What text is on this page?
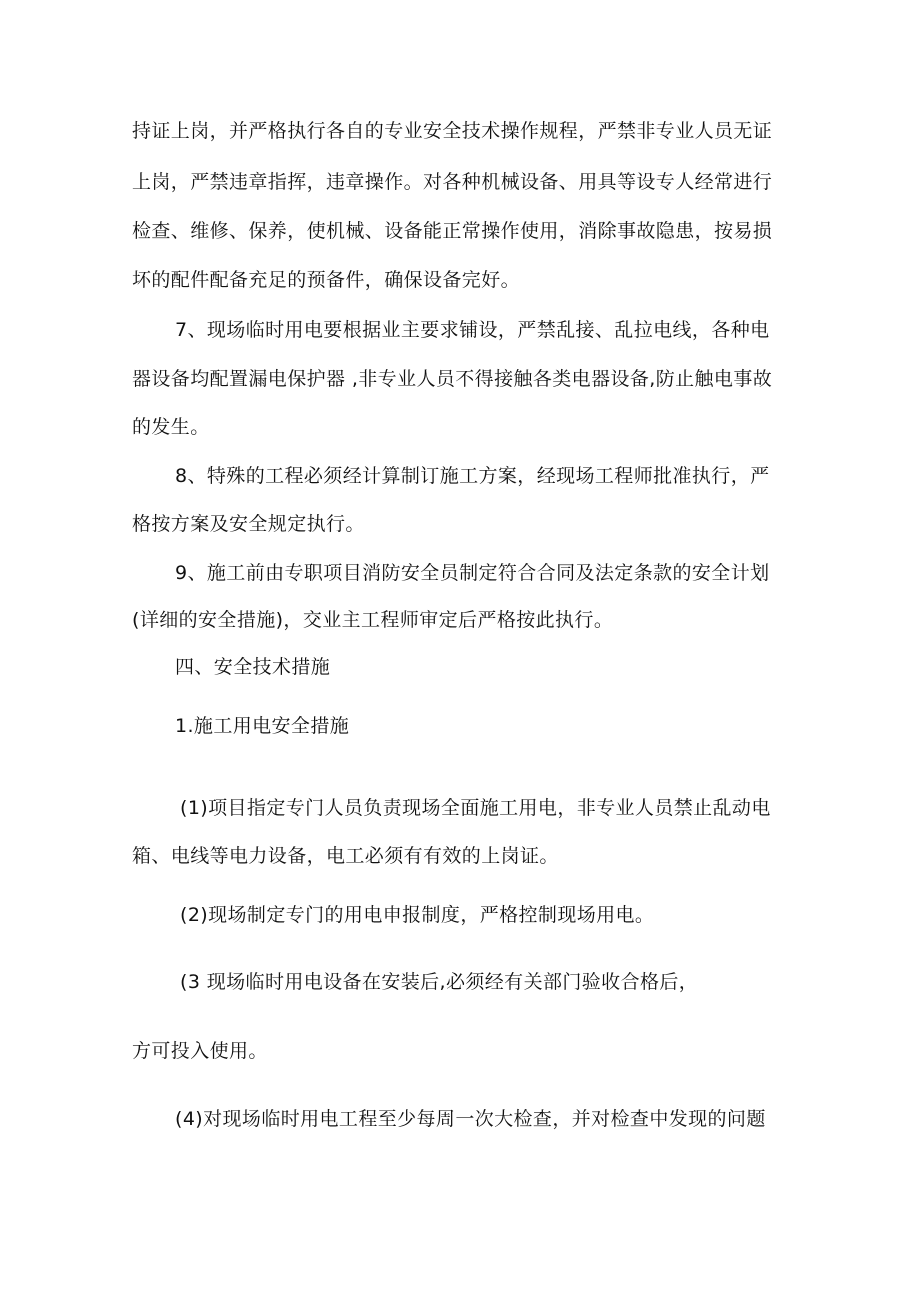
持证上岗，并严格执行各自的专业安全技术操作规程，严禁非专业人员无证
上岗，严禁违章指挥，违章操作。对各种机械设备、用具等设专人经常进行
检查、维修、保养，使机械、设备能正常操作使用，消除事故隐患，按易损
坏的配件配备充足的预备件，确保设备完好。
7、现场临时用电要根据业主要求铺设，严禁乱接、乱拉电线，各种电
器设备均配置漏电保护器 ,非专业人员不得接触各类电器设备,防止触电事故
的发生。
8、特殊的工程必须经计算制订施工方案，经现场工程师批准执行，严
格按方案及安全规定执行。
9、施工前由专职项目消防安全员制定符合合同及法定条款的安全计划
(详细的安全措施)，交业主工程师审定后严格按此执行。
四、安全技术措施
1.施工用电安全措施
(1)项目指定专门人员负责现场全面施工用电，非专业人员禁止乱动电
箱、电线等电力设备，电工必须有有效的上岗证。
(2)现场制定专门的用电申报制度，严格控制现场用电。
(3 现场临时用电设备在安装后,必须经有关部门验收合格后，
方可投入使用。
(4)对现场临时用电工程至少每周一次大检查，并对检查中发现的问题
